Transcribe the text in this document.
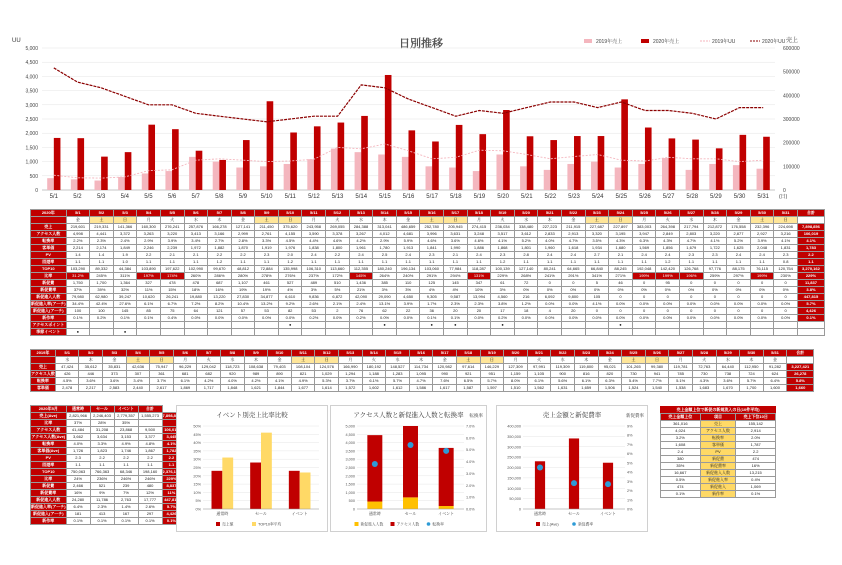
日別推移
UU	売上
0
500
1,000
1,500
2,000
2,500
3,000
3,500
4,000
4,500
5,000
0
100000
200000
300000
400000
500000
600000
5/1	5/2	5/3	5/4	5/5	5/6	5/7	5/8	5/9 5/10 5/11 5/12 5/13 5/14 5/15 5/16 5/17 5/18 5/19 5/20 5/21 5/22 5/23 5/24 5/25 5/26 5/27 5/28 5/29 5/30 5/31 (日)
2019年売上	2020年売上	2019年UU	2020年UU
2020年	5/1	5/2	5/3	5/4	5/5	5/6	5/7	5/8	5/9	5/10	5/11	5/12	5/13	5/14	5/15	5/16	5/17	5/18	5/19	5/20	5/21	5/22	5/23	5/24	5/25	5/26	5/27	5/28	5/29	5/30	5/31	合計
	金	土	日	月	火	水	木	金	土	日	月	火	水	木	金	土	日	月	火	水	木	金	土	日	月	火	水	木	金	土	日	
売上	219,601	219,331	141,366	160,300	276,241	257,876	166,278	127,141	211,450	375,620	243,958	269,055	284,388	313,041	486,659	252,780	205,945	274,415	236,034	338,480	227,223	211,915	227,687	227,897	383,003	264,398	217,794	212,872	176,558	232,396	224,698	7,898,856
アクセス人数	4,998	4,441	3,372	3,263	3,220	3,413	3,166	2,999	2,761	4,155	3,590	3,378	3,267	4,012	4,681	3,996	3,631	3,248	3,517	3,612	2,833	2,913	3,320	3,195	3,947	2,849	2,803	3,220	2,877	2,927	3,216	106,019
転換率	2.2%	2.3%	2.4%	2.9%	3.9%	3.4%	2.7%	2.8%	3.3%	4.5%	4.4%	4.6%	4.2%	2.9%	5.9%	4.6%	3.6%	4.6%	4.1%	5.2%	4.0%	4.7%	3.5%	4.3%	6.3%	4.3%	4.7%	4.1%	5.2%	3.9%	4.1%	4.1%
客単価	2,214	2,174	1,849	2,246	2,239	1,972	1,882	1,870	1,919	1,976	1,838	1,800	1,961	1,780	1,913	1,841	1,990	1,886	1,868	1,801	1,960	1,618	1,934	1,680	1,569	1,856	1,679	1,722	1,625	2,048	1,831	1,783
PV	1.4	1.4	1.9	2.2	2.1	2.1	2.2	2.2	2.3	2.0	2.4	2.2	2.4	2.5	2.4	2.3	2.1	2.4	2.3	2.8	2.4	2.4	2.7	2.1	2.4	2.4	2.3	2.3	2.4	2.4	2.3	2.2
回遊率	1.1	1.1	1.0	1.1	1.1	1.1	1.2	1.1	1.1	1.2	1.1	1.1	1.1	1.1	1.1	1.1	1.1	1.1	1.2	1.1	1.1	1.1	1.1	1.1	1.1	1.2	1.1	1.1	1.1	1.1	0.8	1.1
TOP10	103,290	89,332	44,384	103,890	197,622	102,990	99,670	48,812	72,884	135,998	106,310	113,660	112,355	180,240	196,134	103,060	77,984	118,287	100,139	127,140	80,241	64,665	66,840	88,245	192,048	142,420	126,768	97,776	88,175	76,115	120,754	3,270,162
比率	31.2%	245%	311%	197%	174%	260%	286%	280%	278%	276%	237%	172%	145%	264%	240%	291%	294%	131%	229%	268%	241%	291%	341%	271%	199%	199%	196%	259%	297%	199%	230%	229%
新促費	1,750	1,700	1,364	327	478	478	687	1,107	461	527	489	510	1,436	385	110	125	145	347	61	72	0	0	5	46	0	95	0	0	0	0	0	11,837
新促費率	37%	39%	32%	11%	15%	18%	16%	19%	19%	4%	3%	5%	21%	3%	3%	4%	4%	10%	3%	0%	0%	0%	0%	0%	0%	0%	0%	0%	0%	0%	0%	3.8%
新促進入人数	79,980	62,980	39,247	10,620	26,241	19,880	13,220	27,830	34,877	6,610	9,836	6,872	42,090	29,090	4,650	9,305	9,587	13,994	4,560	216	6,092	9,800	105	0	0	0	0	0	0	0	0	447,815
新促進入率(アーチ)	34.4%	42.4%	27.6%	6.1%	6.7%	7.2%	8.2%	10.4%	13.2%	9.2%	2.6%	2.1%	2.4%	13.1%	3.9%	1.7%	2.3%	2.3%	3.8%	1.2%	0.0%	0.0%	4.1%	0.0%	0.0%	0.0%	0.0%	0.0%	0.0%	0.0%	0.0%	5.7%
新促進入(アーチ)	100	100	145	85	75	64	121	57	53	82	53	2	76	62	22	36	20	20	17	18	4	20	0	0	0	0	0	0	0	0	0	4,426
新作率	0.1%	0.2%	0.1%	0.1%	0.4%	0.0%	0.0%	0.0%	0.0%	0.0%	0.2%	0.0%	0.2%	0.0%	0.0%	0.1%	0.1%	0.0%	0.2%	0.0%	0.0%	0.0%	0.0%	0.0%	0.0%	0.0%	0.0%	0.0%	0.0%	0.0%	0.0%	0.1%
アクセスポイント										●				●		●	●		●					●								
季節イベント	●		●																													
2019年	5/1	5/2	5/3	5/4	5/5	5/6	5/7	5/8	5/9	5/10	5/11	5/12	5/13	5/14	5/15	5/16	5/17	5/18	5/19	5/20	5/21	5/22	5/23	5/24	5/25	5/26	5/27	5/28	5/29	5/30	5/31	合計
	水	木	金	土	日	月	火	水	木	金	土	日	月	火	水	木	金	土	日	月	火	水	木	金	土	日	月	火	水	木	金	
売上	47,424	35,612	35,831	42,636	75,947	96,229	129,042	118,723	108,638	79,403	108,104	124,576	166,990	180,192	148,527	114,734	120,982	97,614	146,229	127,309	97,991	119,309	119,800	95,021	101,265	99,380	119,781	72,763	64,440	112,950	91,282	3,227,421
アクセス人数	426	446	373	307	361	681	682	920	989	890	821	1,029	1,294	1,188	1,283	1,095	990	921	951	1,159	1,105	900	816	820	730	941	785	730	738	724	624	26,278
転換率	4.5%	3.6%	3.6%	3.4%	3.7%	6.1%	4.2%	4.0%	4.2%	4.1%	4.9%	5.3%	3.7%	6.1%	5.7%	4.7%	7.6%	6.5%	5.7%	8.0%	6.1%	5.6%	6.1%	6.3%	5.4%	7.7%	5.1%	4.3%	3.6%	5.7%	6.4%	5.8%
客単価	2,478	2,217	2,583	2,440	2,617	1,869	1,717	1,848	1,621	1,844	1,677	1,614	1,572	1,602	1,612	1,586	1,617	1,587	1,597	1,510	1,562	1,631	1,659	1,506	1,524	1,540	1,538	1,683	1,670	1,700	1,600	1,660
2020年5月	通常時	セール	イベント	合計	
売上(Ave)	2,821,966	2,246,403	2,779,357	1,555,273	7,898,856
比率	37%	28%	35%		
アクセス人数	41,484	31,208	23,868	9,500	106,019
アクセス人数(Ave)	3,662	3,634	3,153	3,377	3,445
転換率	4.0%	3.3%	4.9%	4.8%	4.1%
客単価(Ave)	1,726	1,823	1,746	1,867	1,782
PV	2.3	2.2	2.2	2.2	2.2
回遊率	1.1	1.1	1.1	1.1	1.1
TOP10	750,063	766,363	68,346	198,160	2,376,162
比率	24%	236%	246%	246%	229%
新促費	2,466	521	239	480	8,837
新促費率	16%	9%	7%	12%	11%
新促進入人数	24,280	11,786	2,763	17,777	447,815
新促進入率(アーチ)	6.4%	2.3%	1.4%	2.6%	5.7%
新促進入(アーチ)	181	413	167	297	4,426
新作率	0.1%	0.1%	0.1%	0.1%	0.1%
イベント別売上比率比較
0%
5%
10%
15%
20%
25%
30%
35%
40%
45%
50%
通常時	セール	イベント
売上額	TOP10率平均
アクセス人数と新促進入人数と転換率 転換率
0
500
1,000
1,500
2,000
2,500
3,000
3,500
4,000
4,500
5,000
0.0%
1.0%
2.0%
3.0%
4.0%
5.0%
6.0%
7.0%
通常時	セール	イベント
新促進入人数	アクセス人数	転換率
売上金額と新促費率	新促費率
0
50,000
100,000
150,000
200,000
250,000
300,000
350,000
400,000
0%
1%
2%
3%
4%
5%
6%
7%
8%
9%
通常時	セール	イベント
売上(Ave)	新促費率
売上金額上位で新促の新規流入の日(10件平均)
売上金額上位	項目	売上下位10日
361,016	売上	155,142
4,024	アクセス人数	2,914
3.2%	転換率	2.0%
1,608	客単価	1,787
2.4	PV	2.2
380	新促費	474
35%	新促費率	16%
16,667	新促進入人数	13,215
0.5%	新促進入率	0.4%
474	新促進入	1,069
0.1%	新作率	0.1%
